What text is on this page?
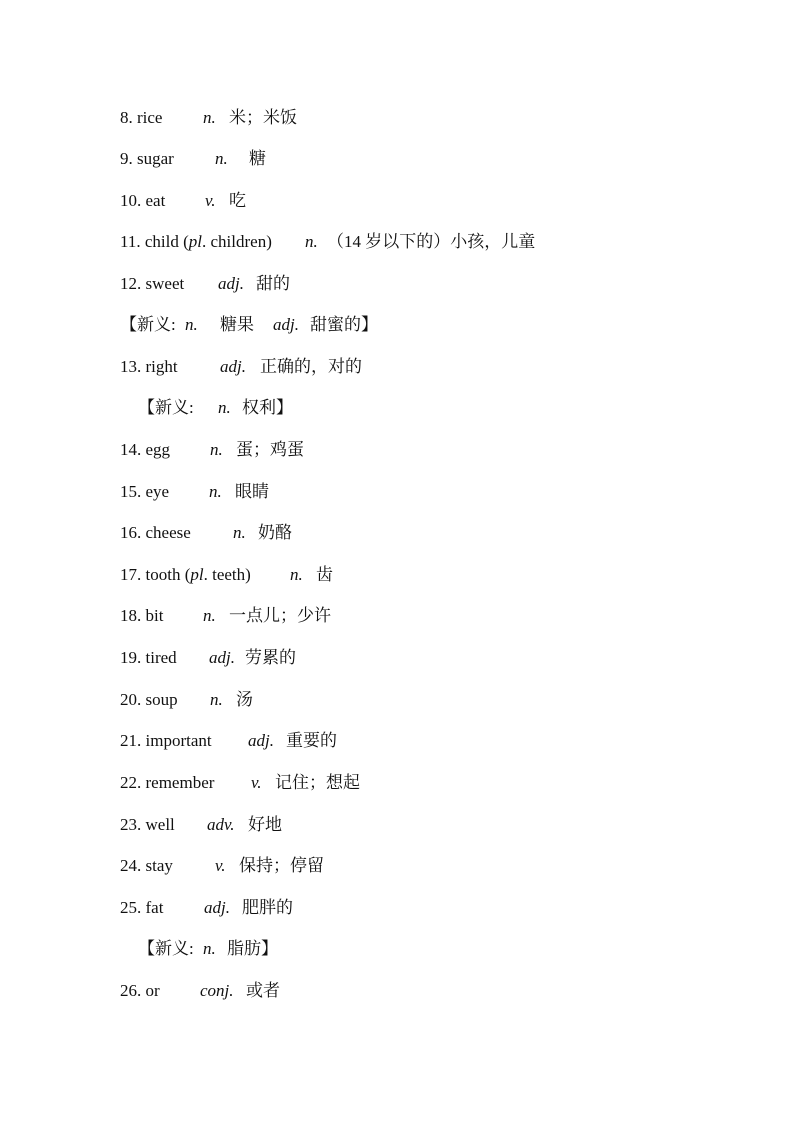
8. rice n. 米；米饭
9. sugar n. 糖
10. eat v. 吃
11. child (pl. children) n. （14 岁以下的）小孩，儿童
12. sweet adj. 甜的
【新义: n. 糖果 adj. 甜蜜的】
13. right adj. 正确的，对的
【新义: n. 权利】
14. egg n. 蛋；鸡蛋
15. eye n. 眼睛
16. cheese n. 奶酪
17. tooth (pl. teeth) n. 齿
18. bit n. 一点儿；少许
19. tired adj. 劳累的
20. soup n. 汤
21. important adj. 重要的
22. remember v. 记住；想起
23. well adv. 好地
24. stay v. 保持；停留
25. fat adj. 肥胖的
【新义: n. 脂肪】
26. or conj. 或者
